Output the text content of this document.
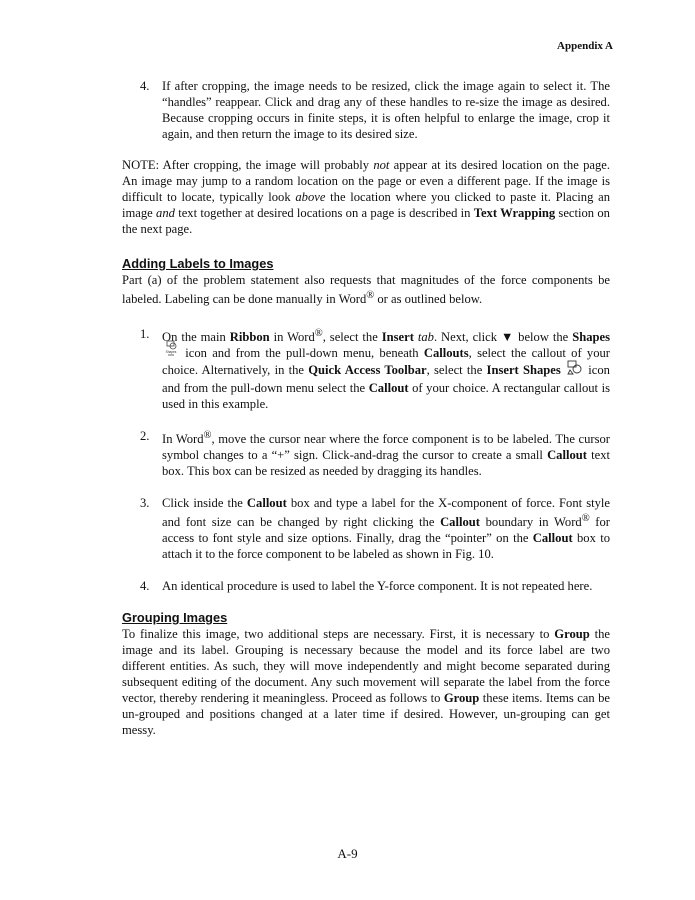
Appendix A
4. If after cropping, the image needs to be resized, click the image again to select it. The “handles” reappear. Click and drag any of these handles to re-size the image as desired. Because cropping occurs in finite steps, it is often helpful to enlarge the image, crop it again, and then return the image to its desired size.

NOTE: After cropping, the image will probably not appear at its desired location on the page. An image may jump to a random location on the page or even a different page. If the image is difficult to locate, typically look above the location where you clicked to paste it. Placing an image and text together at desired locations on a page is described in Text Wrapping section on the next page.

Adding Labels to Images

Part (a) of the problem statement also requests that magnitudes of the force components be labeled. Labeling can be done manually in Word® or as outlined below.

1. On the main Ribbon in Word®, select the Insert tab. Next, click ▼ below the Shapes
Shapes icon and from the pull-down menu, beneath Callouts, select the callout of your choice. Alternatively, in the Quick Access Toolbar, select the Insert Shapes  icon and from the pull-down menu select the Callout of your choice. A rectangular callout is used in this example.

2. In Word®, move the cursor near where the force component is to be labeled. The cursor symbol changes to a “+” sign. Click-and-drag the cursor to create a small Callout text box. This box can be resized as needed by dragging its handles.

3. Click inside the Callout box and type a label for the X-component of force. Font style and font size can be changed by right clicking the Callout boundary in Word® for access to font style and size options. Finally, drag the “pointer” on the Callout box to attach it to the force component to be labeled as shown in Fig. 10.

4. An identical procedure is used to label the Y-force component. It is not repeated here.

Grouping Images

To finalize this image, two additional steps are necessary. First, it is necessary to Group the image and its label. Grouping is necessary because the model and its force label are two different entities. As such, they will move independently and might become separated during subsequent editing of the document. Any such movement will separate the label from the force vector, thereby rendering it meaningless. Proceed as follows to Group these items. Items can be un-grouped and positions changed at a later time if desired. However, un-grouping can get messy.

A-9
